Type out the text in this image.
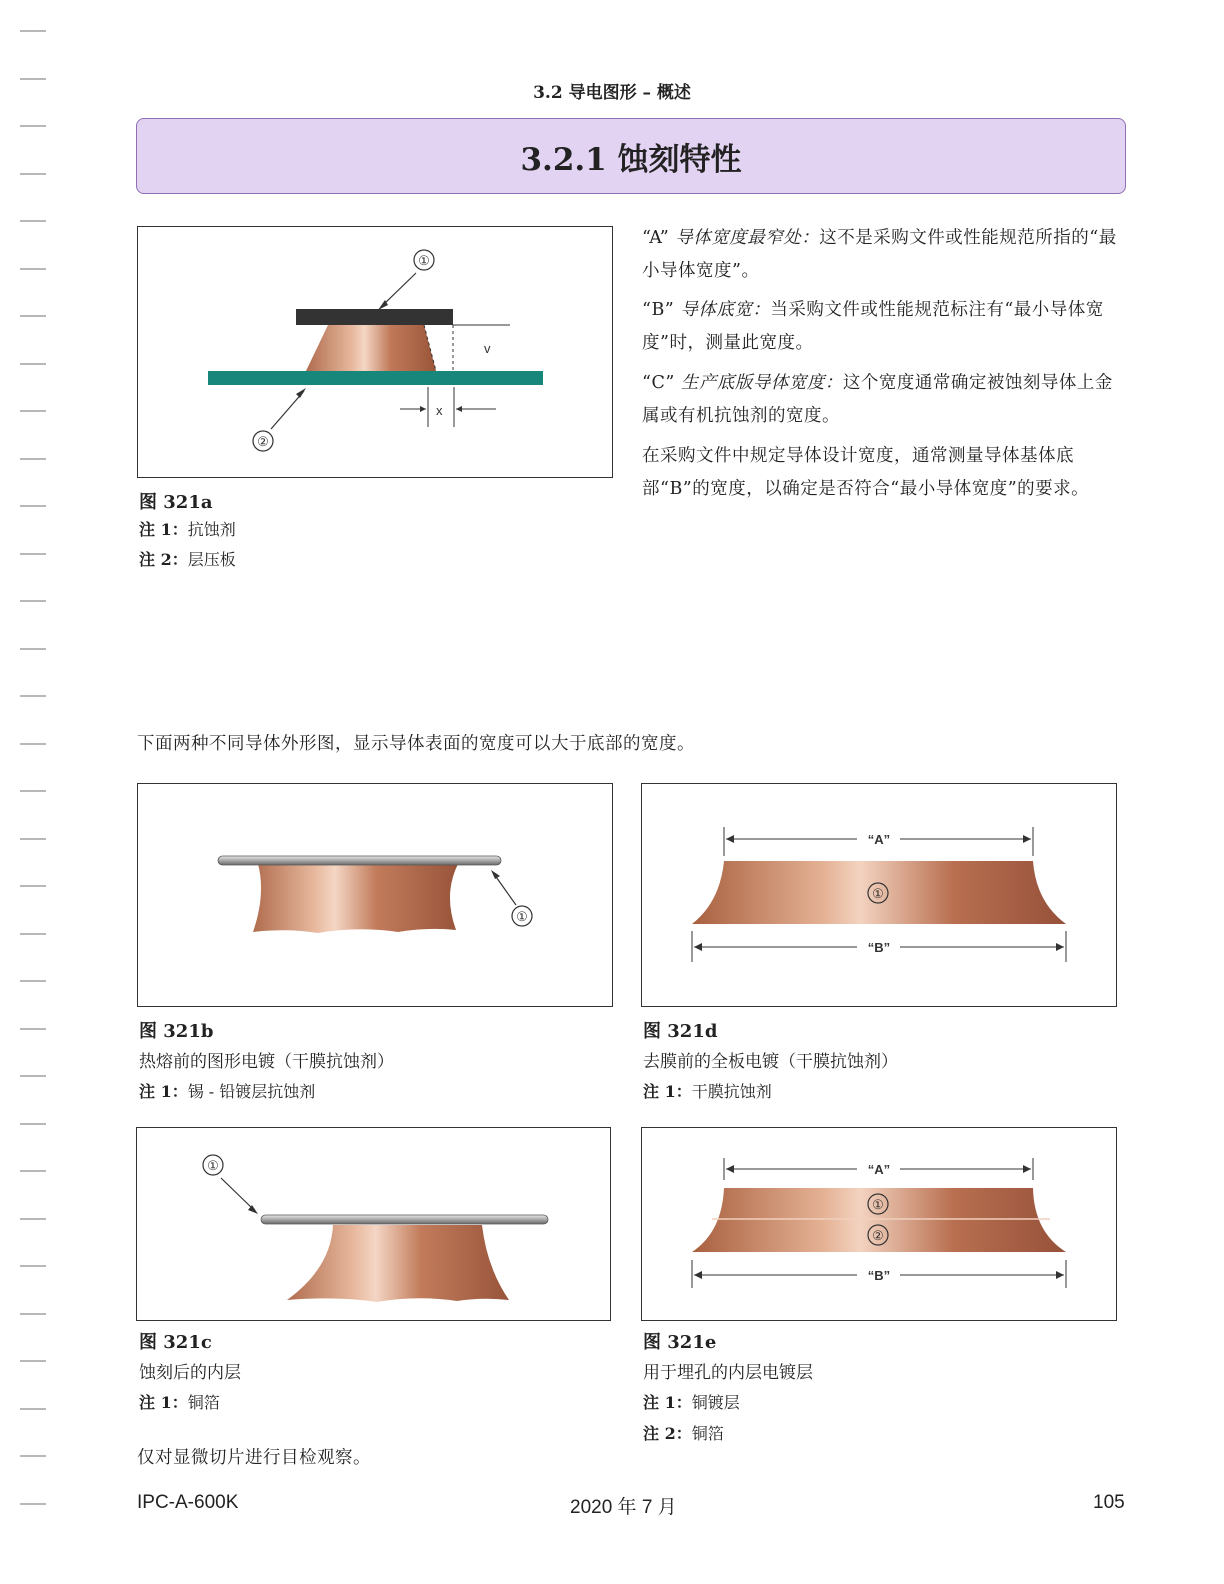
3.2 导电图形 – 概述
3.2.1 蚀刻特性
v
x
①
②
图 321a
注 1：抗蚀剂
注 2：层压板
“A” 导体宽度最窄处：这不是采购文件或性能规范所指的“最小导体宽度”。
“B” 导体底宽：当采购文件或性能规范标注有“最小导体宽度”时，测量此宽度。
“C” 生产底版导体宽度：这个宽度通常确定被蚀刻导体上金属或有机抗蚀剂的宽度。
在采购文件中规定导体设计宽度，通常测量导体基体底部“B”的宽度，以确定是否符合“最小导体宽度”的要求。
下面两种不同导体外形图，显示导体表面的宽度可以大于底部的宽度。
①
图 321b
热熔前的图形电镀（干膜抗蚀剂）
注 1：锡 - 铅镀层抗蚀剂
“A”
①
“B”
图 321d
去膜前的全板电镀（干膜抗蚀剂）
注 1：干膜抗蚀剂
①
图 321c
蚀刻后的内层
注 1：铜箔
“A”
①
②
“B”
图 321e
用于埋孔的内层电镀层
注 1：铜镀层
注 2：铜箔
仅对显微切片进行目检观察。
IPC-A-600K	2020 年 7 月	105
